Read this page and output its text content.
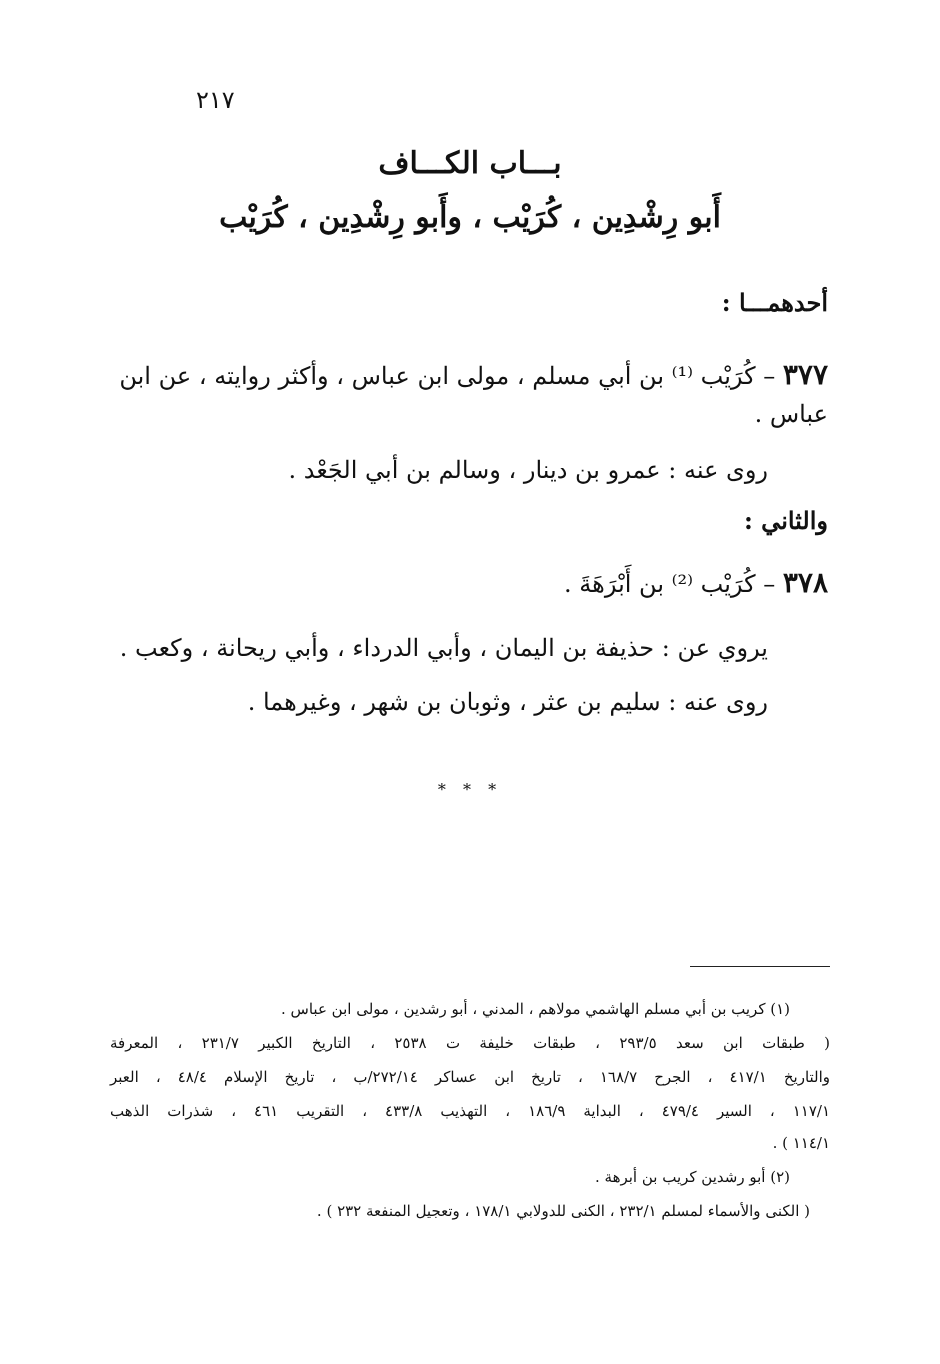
٢١٧
بـــاب الكـــاف
أَبو رِشْدِين ، كُرَيْب ، وأَبو رِشْدِين ، كُرَيْب
أحدهمـــا :
٣٧٧ – كُرَيْب ⁽¹⁾ بن أبي مسلم ، مولى ابن عباس ، وأكثر روايته ، عن ابن
عباس .
روى عنه : عمرو بن دينار ، وسالم بن أبي الجَعْد .
والثاني :
٣٧٨ – كُرَيْب ⁽²⁾ بن أَبْرَهَةَ .
يروي عن : حذيفة بن اليمان ، وأبي الدرداء ، وأبي ريحانة ، وكعب .
روى عنه : سليم بن عثر ، وثوبان بن شهر ، وغيرهما .
* * *
(١) كريب بن أبي مسلم الهاشمي مولاهم ، المدني ، أبو رشدين ، مولى ابن عباس .
( طبقات ابن سعد ٢٩٣/٥ ، طبقات خليفة ت ٢٥٣٨ ، التاريخ الكبير ٢٣١/٧ ، المعرفة
والتاريخ ٤١٧/١ ، الجرح ١٦٨/٧ ، تاريخ ابن عساكر ٢٧٢/١٤/ب ، تاريخ الإسلام ٤٨/٤ ، العبر
١١٧/١ ، السير ٤٧٩/٤ ، البداية ١٨٦/٩ ، التهذيب ٤٣٣/٨ ، التقريب ٤٦١ ، شذرات الذهب
١١٤/١ ) .
(٢) أبو رشدين كريب بن أبرهة .
( الكنى والأسماء لمسلم ٢٣٢/١ ، الكنى للدولابي ١٧٨/١ ، وتعجيل المنفعة ٢٣٢ ) .
